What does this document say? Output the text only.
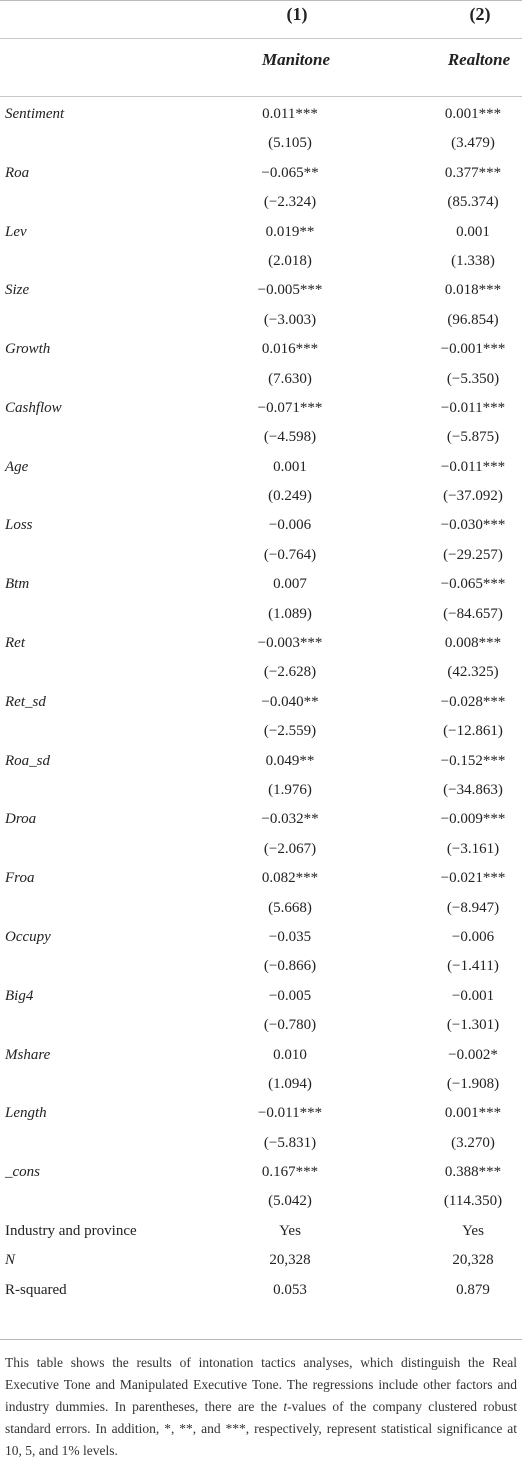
(1)	(2)
Manitone	Realtone
Sentiment	0.011***	0.001***
(5.105)	(3.479)
Roa	−0.065**	0.377***
(−2.324)	(85.374)
Lev	0.019**	0.001
(2.018)	(1.338)
Size	−0.005***	0.018***
(−3.003)	(96.854)
Growth	0.016***	−0.001***
(7.630)	(−5.350)
Cashflow	−0.071***	−0.011***
(−4.598)	(−5.875)
Age	0.001	−0.011***
(0.249)	(−37.092)
Loss	−0.006	−0.030***
(−0.764)	(−29.257)
Btm	0.007	−0.065***
(1.089)	(−84.657)
Ret	−0.003***	0.008***
(−2.628)	(42.325)
Ret_sd	−0.040**	−0.028***
(−2.559)	(−12.861)
Roa_sd	0.049**	−0.152***
(1.976)	(−34.863)
Droa	−0.032**	−0.009***
(−2.067)	(−3.161)
Froa	0.082***	−0.021***
(5.668)	(−8.947)
Occupy	−0.035	−0.006
(−0.866)	(−1.411)
Big4	−0.005	−0.001
(−0.780)	(−1.301)
Mshare	0.010	−0.002*
(1.094)	(−1.908)
Length	−0.011***	0.001***
(−5.831)	(3.270)
_cons	0.167***	0.388***
(5.042)	(114.350)
Industry and province	Yes	Yes
N	20,328	20,328
R-squared	0.053	0.879
This table shows the results of intonation tactics analyses, which distinguish the Real Executive Tone and Manipulated Executive Tone. The regressions include other factors and industry dummies. In parentheses, there are the t-values of the company clustered robust standard errors. In addition, *, **, and ***, respectively, represent statistical significance at 10, 5, and 1% levels.
